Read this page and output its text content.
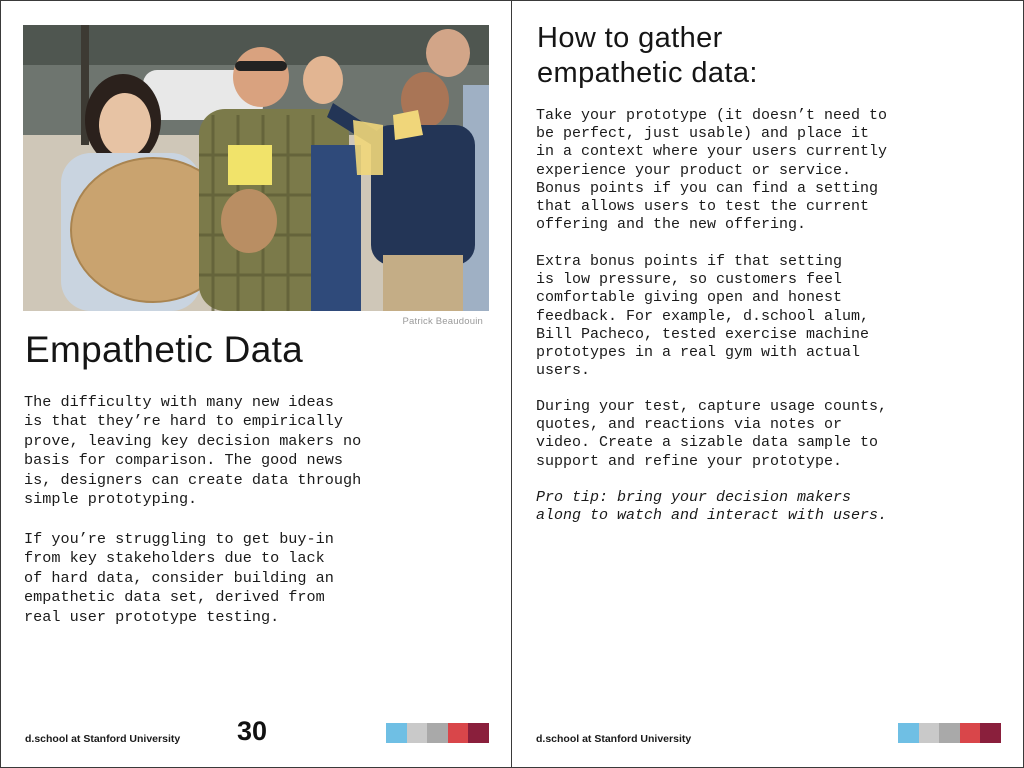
Patrick Beaudouin
Empathetic Data

The difficulty with many new ideas
is that they’re hard to empirically
prove, leaving key decision makers no
basis for comparison. The good news
is, designers can create data through
simple prototyping.

If you’re struggling to get buy-in
from key stakeholders due to lack
of hard data, consider building an
empathetic data set, derived from
real user prototype testing.

d.school at Stanford University 30
How to gather
empathetic data:

Take your prototype (it doesn’t need to
be perfect, just usable) and place it
in a context where your users currently
experience your product or service.
Bonus points if you can find a setting
that allows users to test the current
offering and the new offering.

Extra bonus points if that setting
is low pressure, so customers feel
comfortable giving open and honest
feedback. For example, d.school alum,
Bill Pacheco, tested exercise machine
prototypes in a real gym with actual
users.

During your test, capture usage counts,
quotes, and reactions via notes or
video. Create a sizable data sample to
support and refine your prototype.

Pro tip: bring your decision makers
along to watch and interact with users.

d.school at Stanford University
